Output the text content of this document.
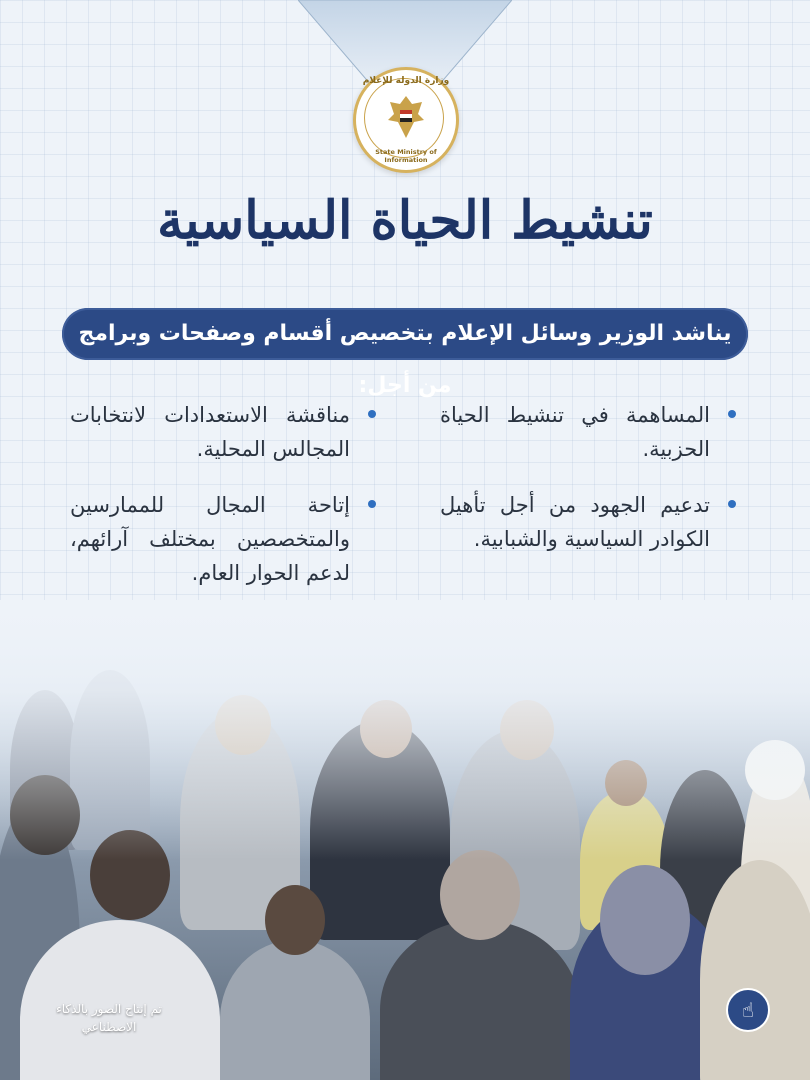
وزارة الدولة للإعلام
State Ministry of Information
تنشيط الحياة السياسية
يناشد الوزير وسائل الإعلام بتخصيص أقسام وصفحات وبرامج من أجل:
المساهمة في تنشيط الحياة الحزبية.
تدعيم الجهود من أجل تأهيل الكوادر السياسية والشبابية.
مناقشة الاستعدادات لانتخابات المجالس المحلية.
إتاحة المجال للممارسين والمتخصصين بمختلف آرائهم، لدعم الحوار العام.
تم إنتاج الصور بالذكاء الاصطناعي
☝
